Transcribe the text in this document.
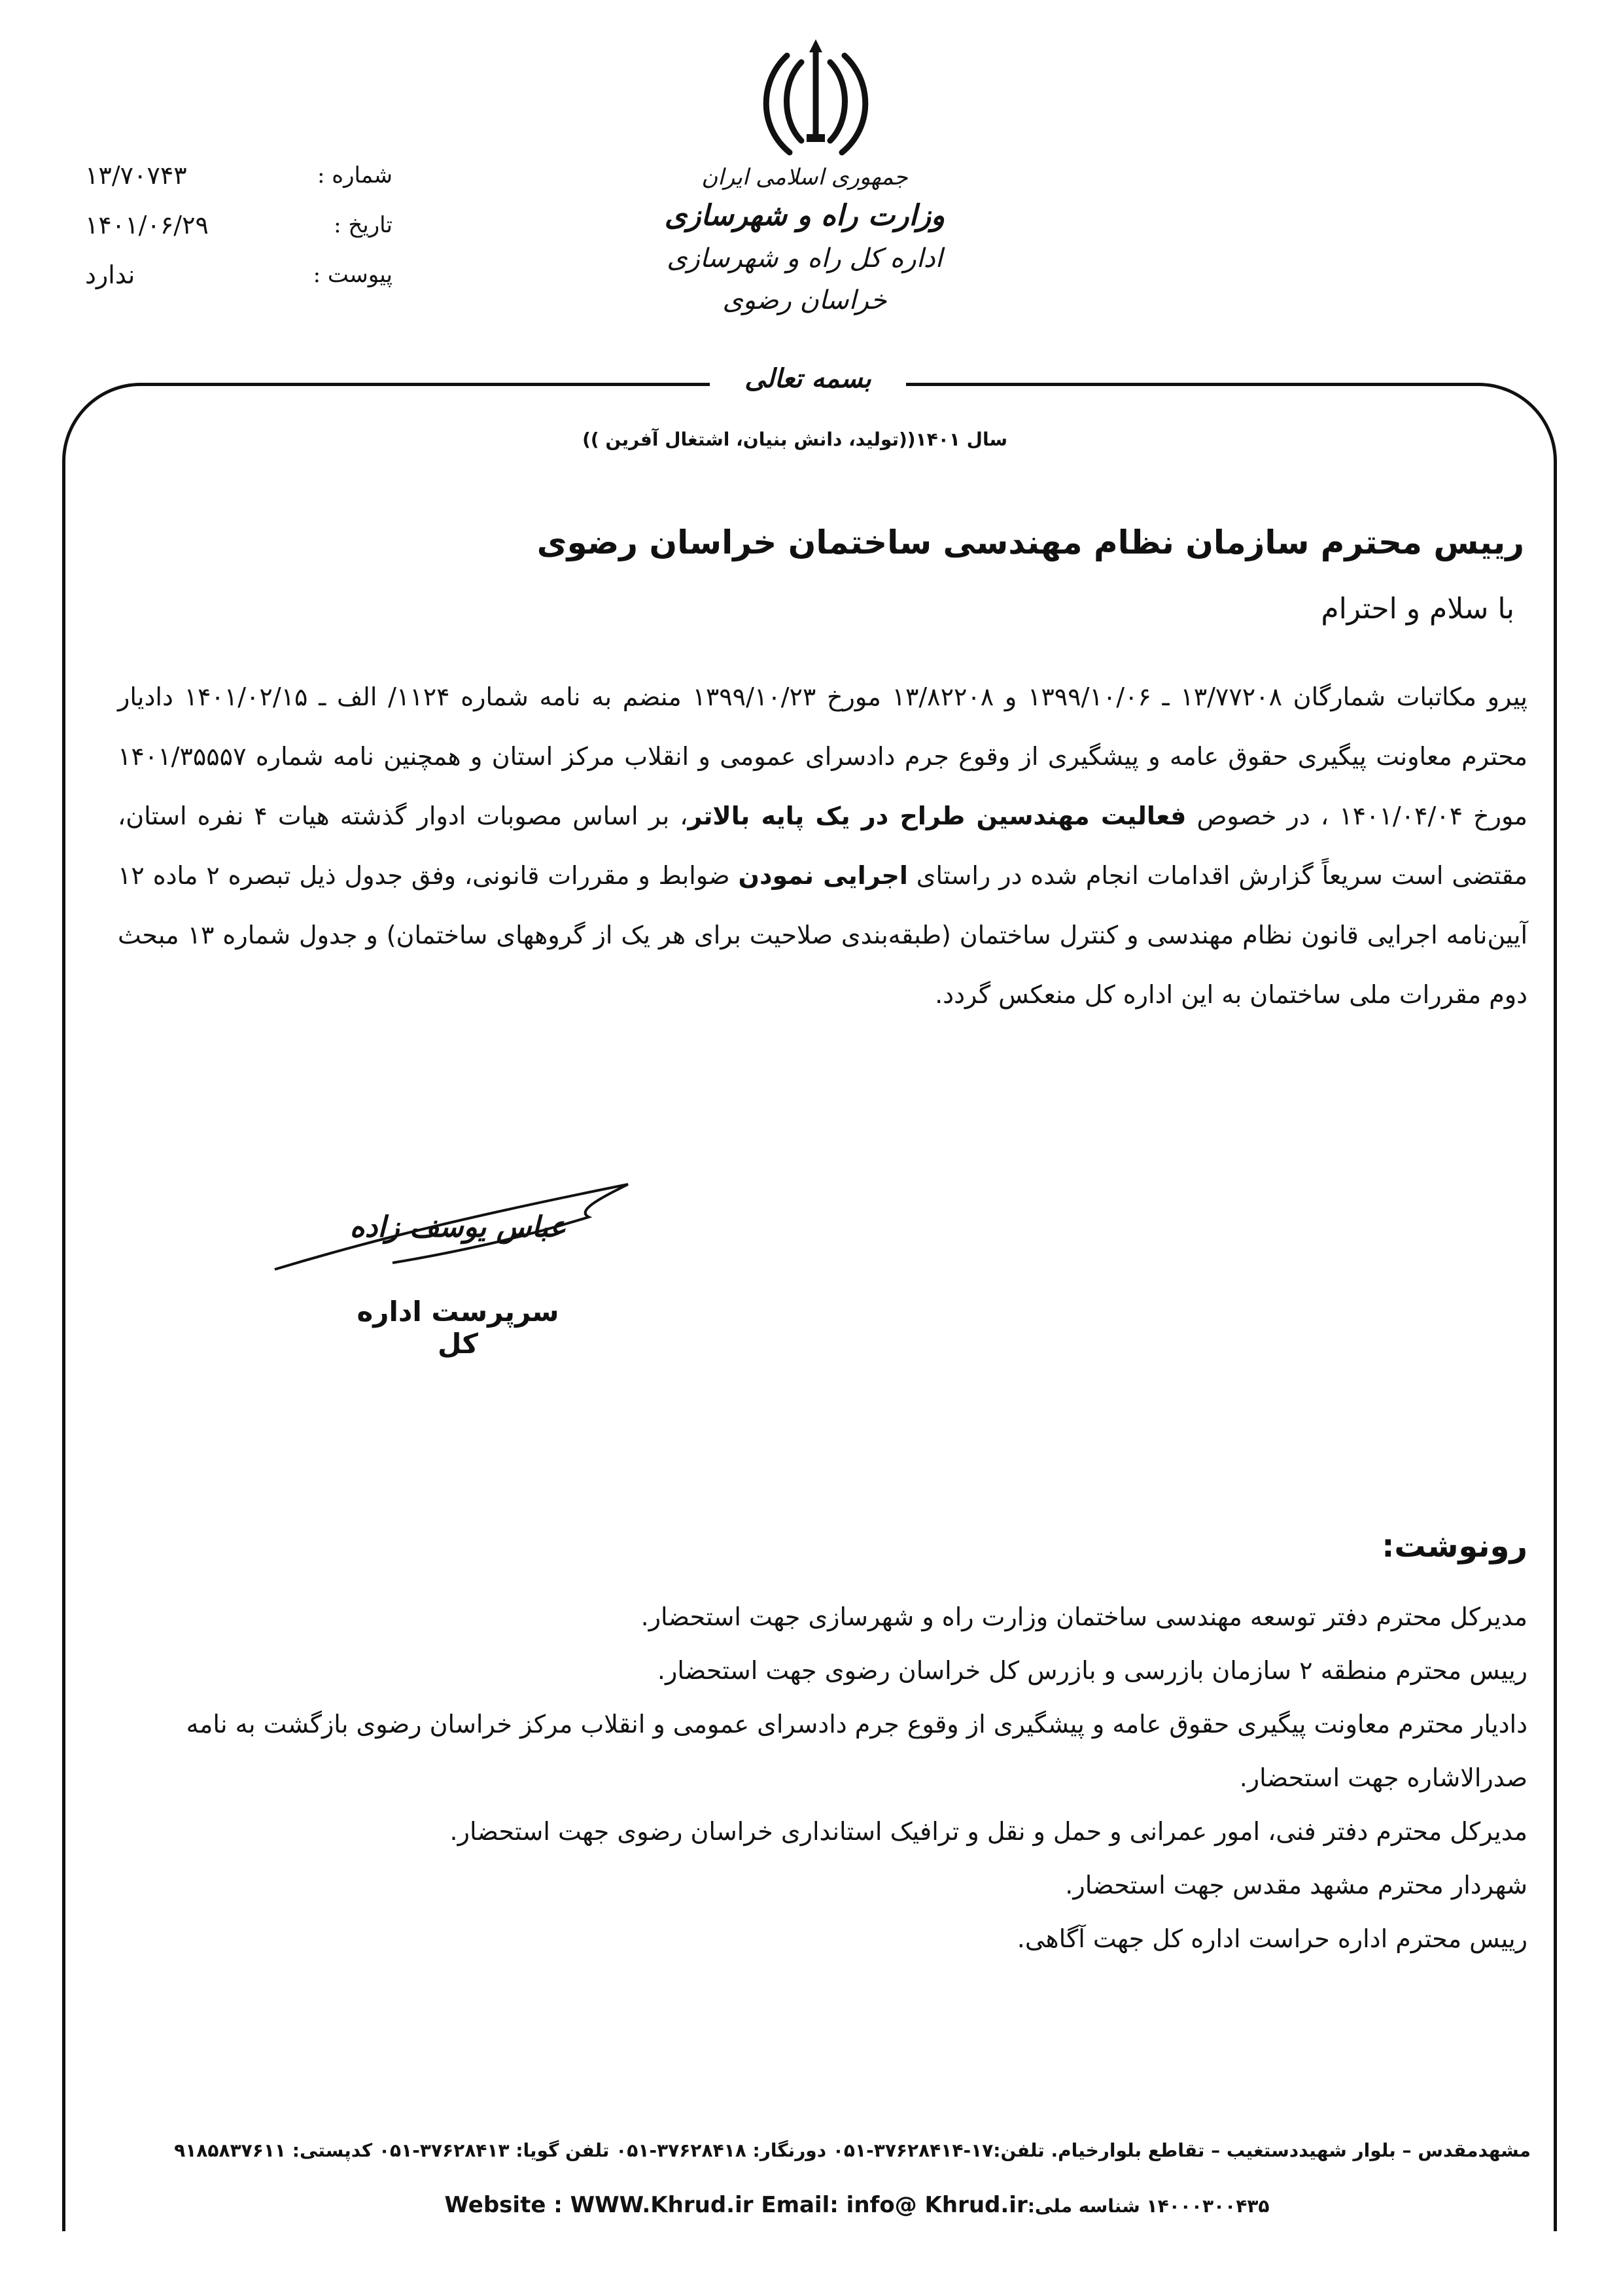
شماره :
۱۳/۷۰۷۴۳
تاریخ :
۱۴۰۱/۰۶/۲۹
پیوست :
ندارد
جمهوری اسلامی ایران
وزارت راه و شهرسازی
اداره کل راه و شهرسازی خراسان رضوی
بسمه تعالی
سال ۱۴۰۱((تولید، دانش بنیان، اشتغال آفرین ))
رییس محترم سازمان نظام مهندسی ساختمان خراسان رضوی
با سلام و احترام
پیرو مکاتبات شمارگان ۱۳/۷۷۲۰۸ ـ ۱۳۹۹/۱۰/۰۶ و ۱۳/۸۲۲۰۸ مورخ ۱۳۹۹/۱۰/۲۳ منضم به نامه شماره ۱۱۲۴/ الف ـ ۱۴۰۱/۰۲/۱۵ دادیار محترم معاونت پیگیری حقوق عامه و پیشگیری از وقوع جرم دادسرای عمومی و انقلاب مرکز استان و همچنین نامه شماره ۱۴۰۱/۳۵۵۵۷ مورخ ۱۴۰۱/۰۴/۰۴ ، در خصوص فعالیت مهندسین طراح در یک پایه بالاتر، بر اساس مصوبات ادوار گذشته هیات ۴ نفره استان، مقتضی است سریعاً گزارش اقدامات انجام شده در راستای اجرایی نمودن ضوابط و مقررات قانونی، وفق جدول ذیل تبصره ۲ ماده ۱۲ آیین‌نامه اجرایی قانون نظام مهندسی و کنترل ساختمان (طبقه‌بندی صلاحیت برای هر یک از گروههای ساختمان) و جدول شماره ۱۳ مبحث دوم مقررات ملی ساختمان به این اداره کل منعکس گردد.
عباس یوسف زاده
سرپرست اداره کل
رونوشت:
مدیرکل محترم دفتر توسعه مهندسی ساختمان وزارت راه و شهرسازی جهت استحضار.
رییس محترم منطقه ۲ سازمان بازرسی و بازرس کل خراسان رضوی جهت استحضار.
دادیار محترم معاونت پیگیری حقوق عامه و پیشگیری از وقوع جرم دادسرای عمومی و انقلاب مرکز خراسان رضوی بازگشت به نامه صدرالاشاره جهت استحضار.
مدیرکل محترم دفتر فنی، امور عمرانی و حمل و نقل و ترافیک استانداری خراسان رضوی جهت استحضار.
شهردار محترم مشهد مقدس جهت استحضار.
رییس محترم اداره حراست اداره کل جهت آگاهی.
مشهدمقدس – بلوار شهیددستغیب – تقاطع بلوارخیام. تلفن:۱۷-۳۷۶۲۸۴۱۴-۰۵۱ دورنگار: ۳۷۶۲۸۴۱۸-۰۵۱ تلفن گویا: ۳۷۶۲۸۴۱۳-۰۵۱ کدپستی: ۹۱۸۵۸۳۷۶۱۱
Website : WWW.Khrud.ir Email: info@ Khrud.ir۱۴۰۰۰۳۰۰۴۳۵ شناسه ملی:
